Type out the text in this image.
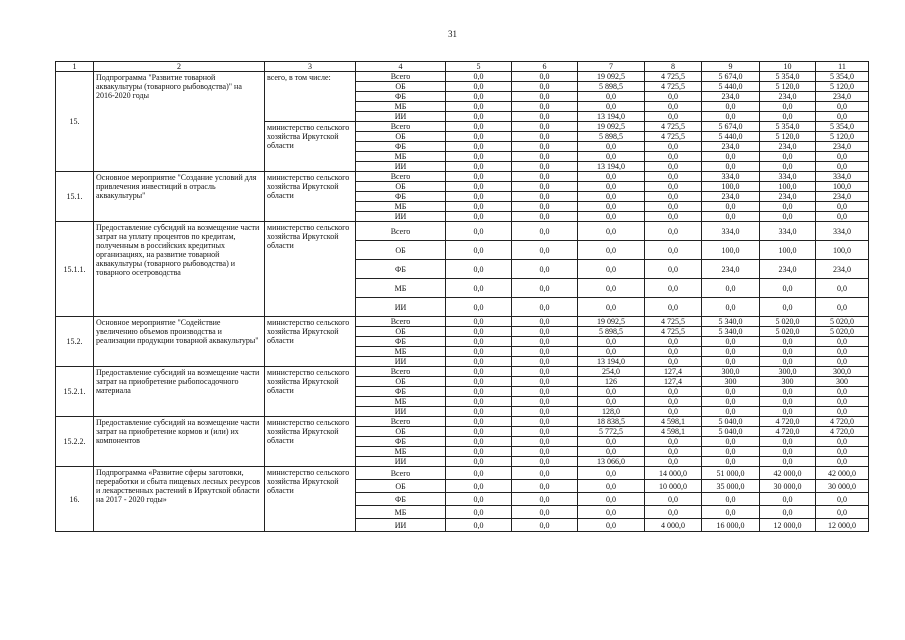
31
1	2	3	4	5	6	7	8	9	10	11
15.	Подпрограмма "Развитие товарной аквакультуры (товарного рыбоводства)" на 2016-2020 годы	всего, в том числе:	Всего	0,0	0,0	19 092,5	4 725,5	5 674,0	5 354,0	5 354,0
			ОБ	0,0	0,0	5 898,5	4 725,5	5 440,0	5 120,0	5 120,0
			ФБ	0,0	0,0	0,0	0,0	234,0	234,0	234,0
			МБ	0,0	0,0	0,0	0,0	0,0	0,0	0,0
			ИИ	0,0	0,0	13 194,0	0,0	0,0	0,0	0,0
		министерство сельского хозяйства Иркутской области	Всего	0,0	0,0	19 092,5	4 725,5	5 674,0	5 354,0	5 354,0
			ОБ	0,0	0,0	5 898,5	4 725,5	5 440,0	5 120,0	5 120,0
			ФБ	0,0	0,0	0,0	0,0	234,0	234,0	234,0
			МБ	0,0	0,0	0,0	0,0	0,0	0,0	0,0
			ИИ	0,0	0,0	13 194,0	0,0	0,0	0,0	0,0
15.1.	Основное мероприятие "Создание условий для привлечения инвестиций в отрасль аквакультуры"	министерство сельского хозяйства Иркутской области	Всего	0,0	0,0	0,0	0,0	334,0	334,0	334,0
			ОБ	0,0	0,0	0,0	0,0	100,0	100,0	100,0
			ФБ	0,0	0,0	0,0	0,0	234,0	234,0	234,0
			МБ	0,0	0,0	0,0	0,0	0,0	0,0	0,0
			ИИ	0,0	0,0	0,0	0,0	0,0	0,0	0,0
15.1.1.	Предоставление субсидий на возмещение части затрат на уплату процентов по кредитам, полученным в российских кредитных организациях, на развитие товарной аквакультуры (товарного рыбоводства) и товарного осетроводства	министерство сельского хозяйства Иркутской области	Всего	0,0	0,0	0,0	0,0	334,0	334,0	334,0
			ОБ	0,0	0,0	0,0	0,0	100,0	100,0	100,0
			ФБ	0,0	0,0	0,0	0,0	234,0	234,0	234,0
			МБ	0,0	0,0	0,0	0,0	0,0	0,0	0,0
			ИИ	0,0	0,0	0,0	0,0	0,0	0,0	0,0
15.2.	Основное мероприятие "Содействие увеличению объемов производства и реализации продукции товарной аквакультуры"	министерство сельского хозяйства Иркутской области	Всего	0,0	0,0	19 092,5	4 725,5	5 340,0	5 020,0	5 020,0
			ОБ	0,0	0,0	5 898,5	4 725,5	5 340,0	5 020,0	5 020,0
			ФБ	0,0	0,0	0,0	0,0	0,0	0,0	0,0
			МБ	0,0	0,0	0,0	0,0	0,0	0,0	0,0
			ИИ	0,0	0,0	13 194,0	0,0	0,0	0,0	0,0
15.2.1.	Предоставление субсидий на возмещение части затрат на приобретение рыбопосадочного материала	министерство сельского хозяйства Иркутской области	Всего	0,0	0,0	254,0	127,4	300,0	300,0	300,0
			ОБ	0,0	0,0	126	127,4	300	300	300
			ФБ	0,0	0,0	0,0	0,0	0,0	0,0	0,0
			МБ	0,0	0,0	0,0	0,0	0,0	0,0	0,0
			ИИ	0,0	0,0	128,0	0,0	0,0	0,0	0,0
15.2.2.	Предоставление субсидий на возмещение части затрат на приобретение кормов и (или) их компонентов	министерство сельского хозяйства Иркутской области	Всего	0,0	0,0	18 838,5	4 598,1	5 040,0	4 720,0	4 720,0
			ОБ	0,0	0,0	5 772,5	4 598,1	5 040,0	4 720,0	4 720,0
			ФБ	0,0	0,0	0,0	0,0	0,0	0,0	0,0
			МБ	0,0	0,0	0,0	0,0	0,0	0,0	0,0
			ИИ	0,0	0,0	13 066,0	0,0	0,0	0,0	0,0
16.	Подпрограмма «Развитие сферы заготовки, переработки и сбыта пищевых лесных ресурсов и лекарственных растений в Иркутской области на 2017 - 2020 годы»	министерство сельского хозяйства Иркутской области	Всего	0,0	0,0	0,0	14 000,0	51 000,0	42 000,0	42 000,0
			ОБ	0,0	0,0	0,0	10 000,0	35 000,0	30 000,0	30 000,0
			ФБ	0,0	0,0	0,0	0,0	0,0	0,0	0,0
			МБ	0,0	0,0	0,0	0,0	0,0	0,0	0,0
			ИИ	0,0	0,0	0,0	4 000,0	16 000,0	12 000,0	12 000,0
